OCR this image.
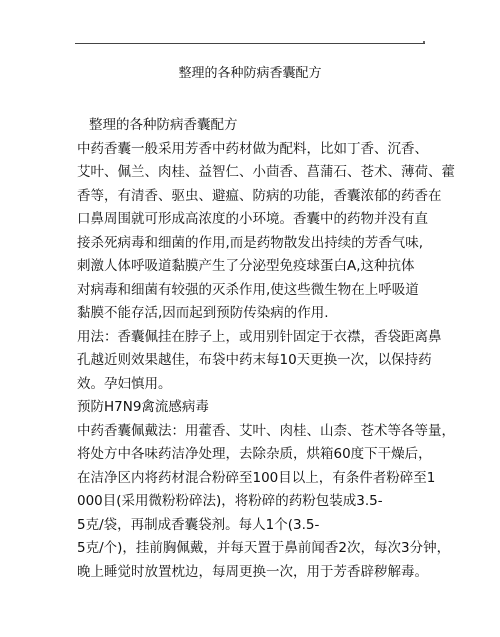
整理的各种防病香囊配方
整理的各种防病香囊配方
中药香囊一般采用芳香中药材做为配料，比如丁香、沉香、
艾叶、佩兰、肉桂、益智仁、小茴香、菖蒲石、苍术、薄荷、藿
香等，有清香、驱虫、避瘟、防病的功能，香囊浓郁的药香在
口鼻周围就可形成高浓度的小环境。香囊中的药物并没有直
接杀死病毒和细菌的作用,而是药物散发出持续的芳香气味,
刺激人体呼吸道黏膜产生了分泌型免疫球蛋白A,这种抗体
对病毒和细菌有较强的灭杀作用,使这些微生物在上呼吸道
黏膜不能存活,因而起到预防传染病的作用.
用法：香囊佩挂在脖子上，或用别针固定于衣襟，香袋距离鼻
孔越近则效果越佳，布袋中药末每10天更换一次，以保持药
效。孕妇慎用。
预防H7N9禽流感病毒
中药香囊佩戴法：用藿香、艾叶、肉桂、山柰、苍术等各等量，
将处方中各味药洁净处理，去除杂质，烘箱60度下干燥后，
在洁净区内将药材混合粉碎至100目以上，有条件者粉碎至1
000目(采用微粉粉碎法)，将粉碎的药粉包装成3.5-
5克/袋，再制成香囊袋剂。每人1个(3.5-
5克/个)，挂前胸佩戴，并每天置于鼻前闻香2次，每次3分钟，
晚上睡觉时放置枕边，每周更换一次，用于芳香辟秽解毒。
